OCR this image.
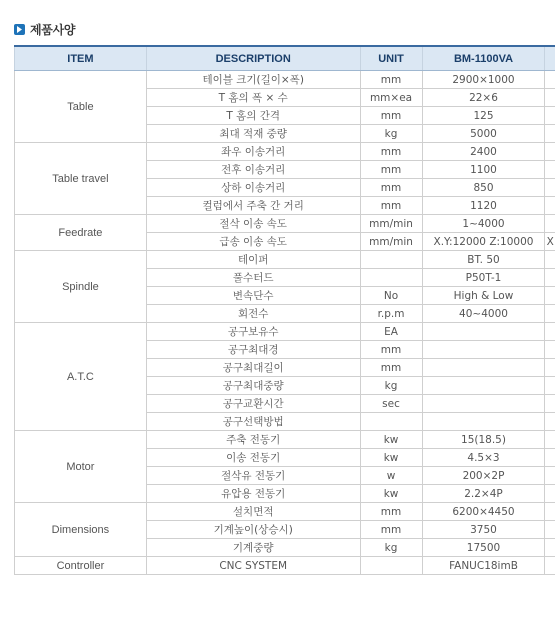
제품사양
ITEM	DESCRIPTION	UNIT	BM-1100VA	
Table	테이블 크기(길이×폭)	mm	2900×1000	
	T 홈의 폭 × 수	mm×ea	22×6	
	T 홈의 간격	mm	125	
	최대 적재 중량	kg	5000	
Table travel	좌우 이송거리	mm	2400	
	전후 이송거리	mm	1100	
	상하 이송거리	mm	850	
	컬럼에서 주축 간 거리	mm	1120	
Feedrate	절삭 이송 속도	mm/min	1~4000	
	급송 이송 속도	mm/min	X.Y:12000 Z:10000	X
Spindle	테이퍼		BT. 50	
	풀수터드		P50T-1	
	변속단수	No	High & Low	
	회전수	r.p.m	40~4000	
A.T.C	공구보유수	EA		
	공구최대경	mm		
	공구최대길이	mm		
	공구최대중량	kg		
	공구교환시간	sec		
	공구선택방법			
Motor	주축 전동기	kw	15(18.5)	
	이송 전동기	kw	4.5×3	
	절삭유 전동기	w	200×2P	
	유압용 전동기	kw	2.2×4P	
Dimensions	설치면적	mm	6200×4450	
	기계높이(상승시)	mm	3750	
	기계중량	kg	17500	
Controller	CNC SYSTEM		FANUC18imB	
